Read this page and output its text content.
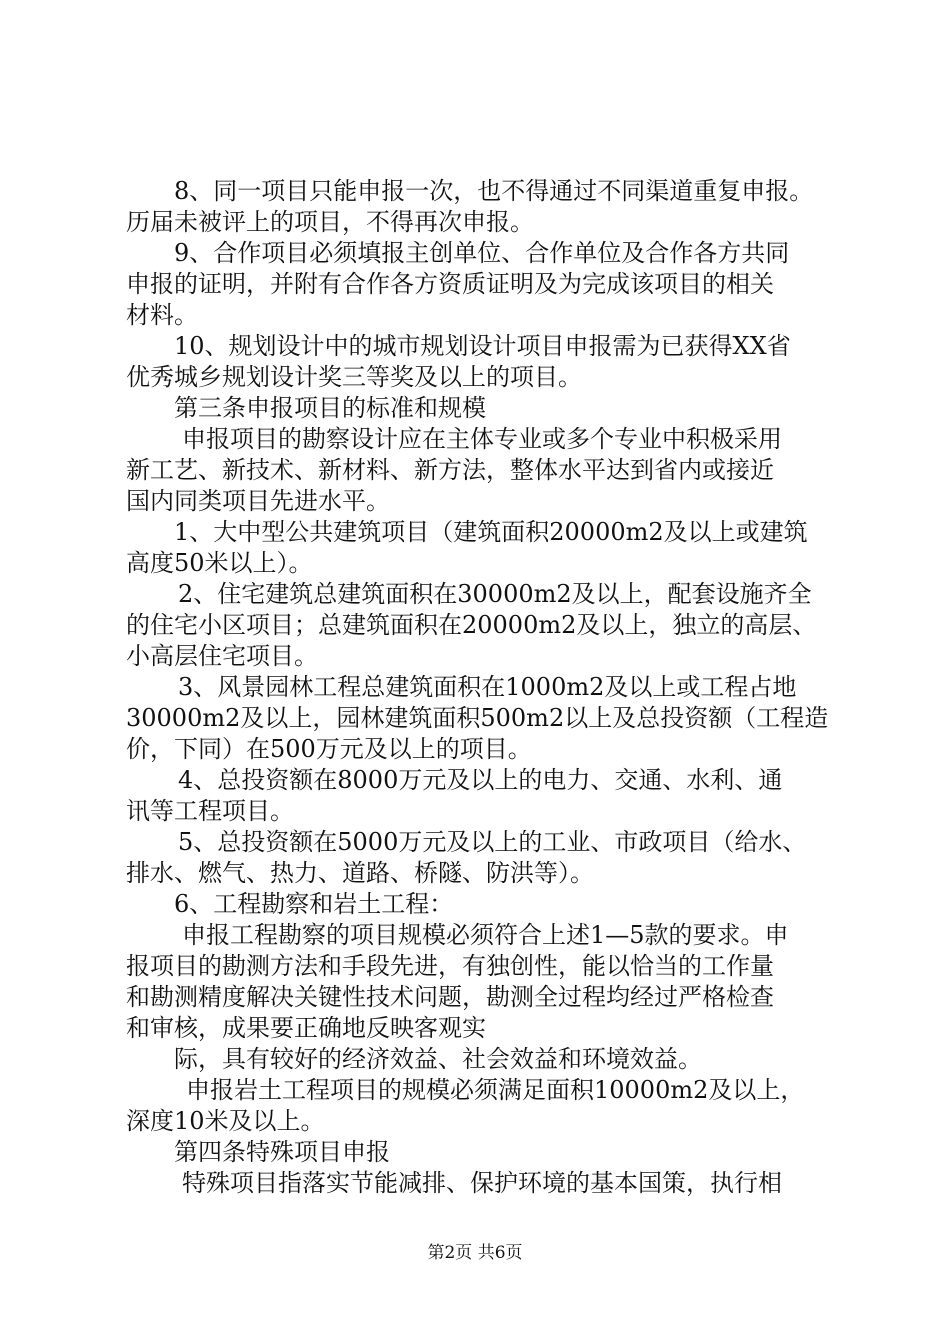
8、同一项目只能申报一次，也不得通过不同渠道重复申报。
历届未被评上的项目，不得再次申报。
9、合作项目必须填报主创单位、合作单位及合作各方共同
申报的证明，并附有合作各方资质证明及为完成该项目的相关
材料。
10、规划设计中的城市规划设计项目申报需为已获得XX省
优秀城乡规划设计奖三等奖及以上的项目。
第三条申报项目的标准和规模
申报项目的勘察设计应在主体专业或多个专业中积极采用
新工艺、新技术、新材料、新方法，整体水平达到省内或接近
国内同类项目先进水平。
1、大中型公共建筑项目（建筑面积20000m2及以上或建筑
高度50米以上）。
2、住宅建筑总建筑面积在30000m2及以上，配套设施齐全
的住宅小区项目；总建筑面积在20000m2及以上，独立的高层、
小高层住宅项目。
3、风景园林工程总建筑面积在1000m2及以上或工程占地
30000m2及以上，园林建筑面积500m2以上及总投资额（工程造
价，下同）在500万元及以上的项目。
4、总投资额在8000万元及以上的电力、交通、水利、通
讯等工程项目。
5、总投资额在5000万元及以上的工业、市政项目（给水、
排水、燃气、热力、道路、桥隧、防洪等）。
6、工程勘察和岩土工程：
申报工程勘察的项目规模必须符合上述1—5款的要求。申
报项目的勘测方法和手段先进，有独创性，能以恰当的工作量
和勘测精度解决关键性技术问题，勘测全过程均经过严格检查
和审核，成果要正确地反映客观实
际，具有较好的经济效益、社会效益和环境效益。
申报岩土工程项目的规模必须满足面积10000m2及以上，
深度10米及以上。
第四条特殊项目申报
特殊项目指落实节能减排、保护环境的基本国策，执行相
第2页 共6页
